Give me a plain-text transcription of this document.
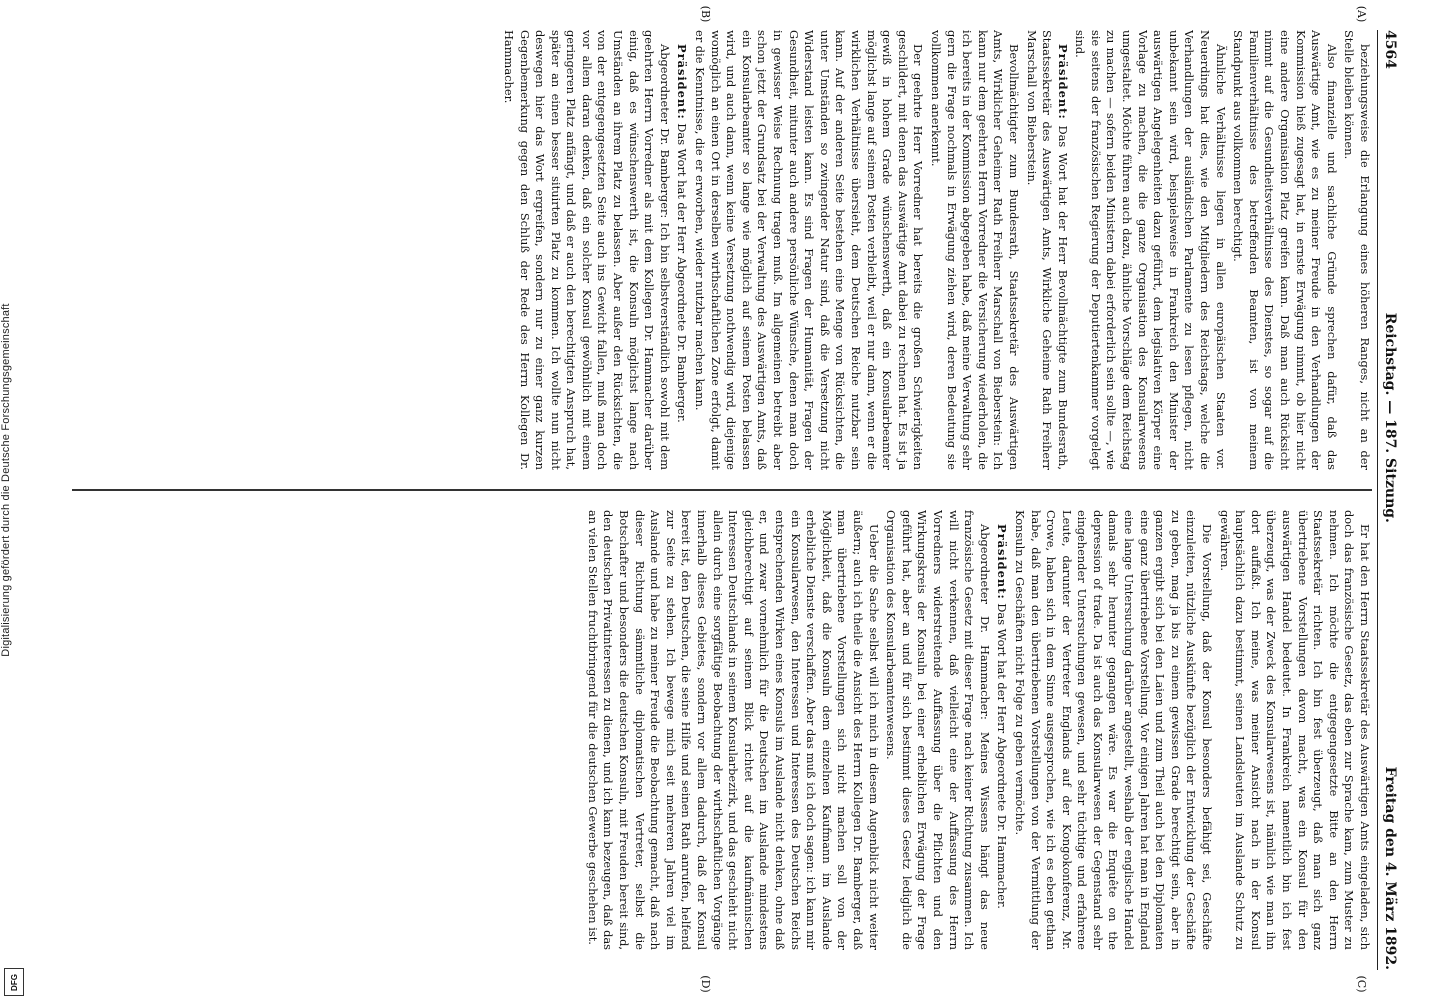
Digitalisierung gefördert durch die Deutsche Forschungsgemeinschaft
DFG
4564
Reichstag. — 187. Sitzung.
Freitag den 4. März 1892.
(A)
(B)
(C)
(D)

beziehungsweise die Erlangung eines höheren Ranges, nicht an der Stelle bleiben können.

Also finanzielle und sachliche Gründe sprechen dafür, daß das Auswärtige Amt, wie es zu meiner Freude in den Verhandlungen der Kommission hieß zugesagt hat, in ernste Erwägung nimmt, ob hier nicht eine andere Organisation Platz greifen kann. Daß man auch Rücksicht nimmt auf die Gesundheitsverhältnisse des Dienstes, so sogar auf die Familienverhältnisse des betreffenden Beamten, ist von meinem Standpunkt aus vollkommen berechtigt.

Ähnliche Verhältnisse liegen in allen europäischen Staaten vor. Neuerdings hat dies, wie den Mitgliedern des Reichstags, welche die Verhandlungen der ausländischen Parlamente zu lesen pflegen, nicht unbekannt sein wird, beispielsweise in Frankreich den Minister der auswärtigen Angelegenheiten dazu geführt, dem legislativen Körper eine Vorlage zu machen, die die ganze Organisation des Konsularwesens umgestaltet. Möchte führen auch dazu, ähnliche Vorschläge dem Reichstag zu machen — sofern beiden Ministern dabei erforderlich sein sollte —, wie sie seitens der französischen Regierung der Deputiertenkammer vorgelegt sind.

Präsident: Das Wort hat der Herr Bevollmächtigte zum Bundesrath, Staatssekretär des Auswärtigen Amts, Wirkliche Geheime Rath Freiherr Marschall von Bieberstein.

Bevollmächtigter zum Bundesrath, Staatssekretär des Auswärtigen Amts, Wirklicher Geheimer Rath Freiherr Marschall von Bieberstein: Ich kann nur dem geehrten Herrn Vorredner die Versicherung wiederholen, die ich bereits in der Kommission abgegeben habe, daß meine Verwaltung sehr gern die Frage nochmals in Erwägung ziehen wird, deren Bedeutung sie vollkommen anerkennt.

Der geehrte Herr Vorredner hat bereits die großen Schwierigkeiten geschildert, mit denen das Auswärtige Amt dabei zu rechnen hat. Es ist ja gewiß in hohem Grade wünschenswerth, daß ein Konsularbeamter möglichst lange auf seinem Posten verbleibt, weil er nur dann, wenn er die wirklichen Verhältnisse übersieht, dem Deutschen Reiche nutzbar sein kann. Auf der anderen Seite bestehen eine Menge von Rücksichten, die unter Umständen so zwingender Natur sind, daß die Versetzung nicht Widerstand leisten kann. Es sind Fragen der Humanität, Fragen der Gesundheit, mitunter auch andere persönliche Wünsche, denen man doch in gewisser Weise Rechnung tragen muß. Im allgemeinen betreibt aber schon jetzt der Grundsatz bei der Verwaltung des Auswärtigen Amts, daß ein Konsularbeamter so lange wie möglich auf seinem Posten belassen wird, und auch dann, wenn keine Versetzung nothwendig wird, diejenige womöglich an einen Ort in derselben wirthschaftlichen Zone erfolgt, damit er die Kenntnisse, die er erworben, wieder nutzbar machen kann.

Präsident: Das Wort hat der Herr Abgeordnete Dr. Bamberger.

Abgeordneter Dr. Bamberger: Ich bin selbstverständlich sowohl mit dem geehrten Herrn Vorredner als mit dem Kollegen Dr. Hammacher darüber einig, daß es wünschenswerth ist, die Konsuln möglichst lange nach Umständen an ihrem Platz zu belassen. Aber außer den Rücksichten, die von der entgegengesetzten Seite auch ins Gewicht fallen, muß man doch vor allem daran denken, daß ein solcher Konsul gewöhnlich mit einem geringeren Platz anfängt, und daß er auch den berechtigten Anspruch hat, später an einen besser situirten Platz zu kommen. Ich wollte nun nicht deswegen hier das Wort ergreifen, sondern nur zu einer ganz kurzen Gegenbemerkung gegen den Schluß der Rede des Herrn Kollegen Dr. Hammacher.

Er hat den Herrn Staatssekretär des Auswärtigen Amts eingeladen, sich doch das französische Gesetz, das eben zur Sprache kam, zum Muster zu nehmen. Ich möchte die entgegengesetzte Bitte an den Herrn Staatssekretär richten. Ich bin fest überzeugt, daß man sich ganz übertriebene Vorstellungen davon macht, was ein Konsul für den auswärtigen Handel bedeutet. In Frankreich namentlich bin ich fest überzeugt, was der Zweck des Konsularwesens ist, nämlich wie man ihn dort auffaßt. Ich meine, was meiner Ansicht nach in der Konsul hauptsächlich dazu bestimmt, seinen Landsleuten im Auslande Schutz zu gewähren.

Die Vorstellung, daß der Konsul besonders befähigt sei, Geschäfte einzuleiten, nützliche Auskünfte bezüglich der Entwicklung der Geschäfte zu geben, mag ja bis zu einem gewissen Grade berechtigt sein, aber in ganzen ergibt sich bei den Laien und zum Theil auch bei den Diplomaten eine ganz übertriebene Vorstellung. Vor einigen Jahren hat man in England eine lange Untersuchung darüber angestellt, weshalb der englische Handel damals sehr herunter gegangen wäre. Es war die Enquête on the depression of trade. Da ist auch das Konsularwesen der Gegenstand sehr eingehender Untersuchungen gewesen, und sehr tüchtige und erfahrene Leute, darunter der Vertreter Englands auf der Kongokonferenz, Mr. Crowe, haben sich in dem Sinne ausgesprochen, wie ich es eben gethan habe, daß man den übertriebenen Vorstellungen von der Vermittlung der Konsuln zu Geschäften nicht Folge zu geben vermöchte.

Präsident: Das Wort hat der Herr Abgeordnete Dr. Hammacher.

Abgeordneter Dr. Hammacher: Meines Wissens hängt das neue französische Gesetz mit dieser Frage nach keiner Richtung zusammen. Ich will nicht verkennen, daß vielleicht eine der Auffassung des Herrn Vorredners widerstreitende Auffassung über die Pflichten und den Wirkungskreis der Konsuln bei einer erheblichen Erwägung der Frage geführt hat, aber an und für sich bestimmt dieses Gesetz lediglich die Organisation des Konsularbeamtenwesens.

Ueber die Sache selbst will ich mich in diesem Augenblick nicht weiter äußern; auch ich theile die Ansicht des Herrn Kollegen Dr. Bamberger, daß man übertriebene Vorstellungen sich nicht machen soll von der Möglichkeit, daß die Konsuln dem einzelnen Kaufmann im Auslande erhebliche Dienste verschaffen. Aber das muß ich doch sagen: ich kann mir ein Konsularwesen, den Interessen und Interessen des Deutschen Reichs entsprechenden Wirken eines Konsuls im Auslande nicht denken, ohne daß er, und zwar vornehmlich für die Deutschen im Auslande mindestens gleichberechtigt auf seinem Blick richtet auf die kaufmännischen Interessen Deutschlands in seinem Konsularbezirk, und das geschieht nicht allein durch eine sorgfältige Beobachtung der wirthschaftlichen Vorgänge innerhalb dieses Gebietes, sondern vor allem dadurch, daß der Konsul bereit ist, den Deutschen, die seine Hilfe und seinen Rath anrufen, helfend zur Seite zu stehen. Ich bewege mich seit mehreren Jahren viel im Auslande und habe zu meiner Freude die Beobachtung gemacht, daß nach dieser Richtung sämmtliche diplomatischen Vertreter, selbst die Botschafter und besonders die deutschen Konsuln, mit Freuden bereit sind, den deutschen Privatinteressen zu dienen, und ich kann bezeugen, daß das an vielen Stellen fruchtbringend für die deutschen Gewerbe geschehen ist.
